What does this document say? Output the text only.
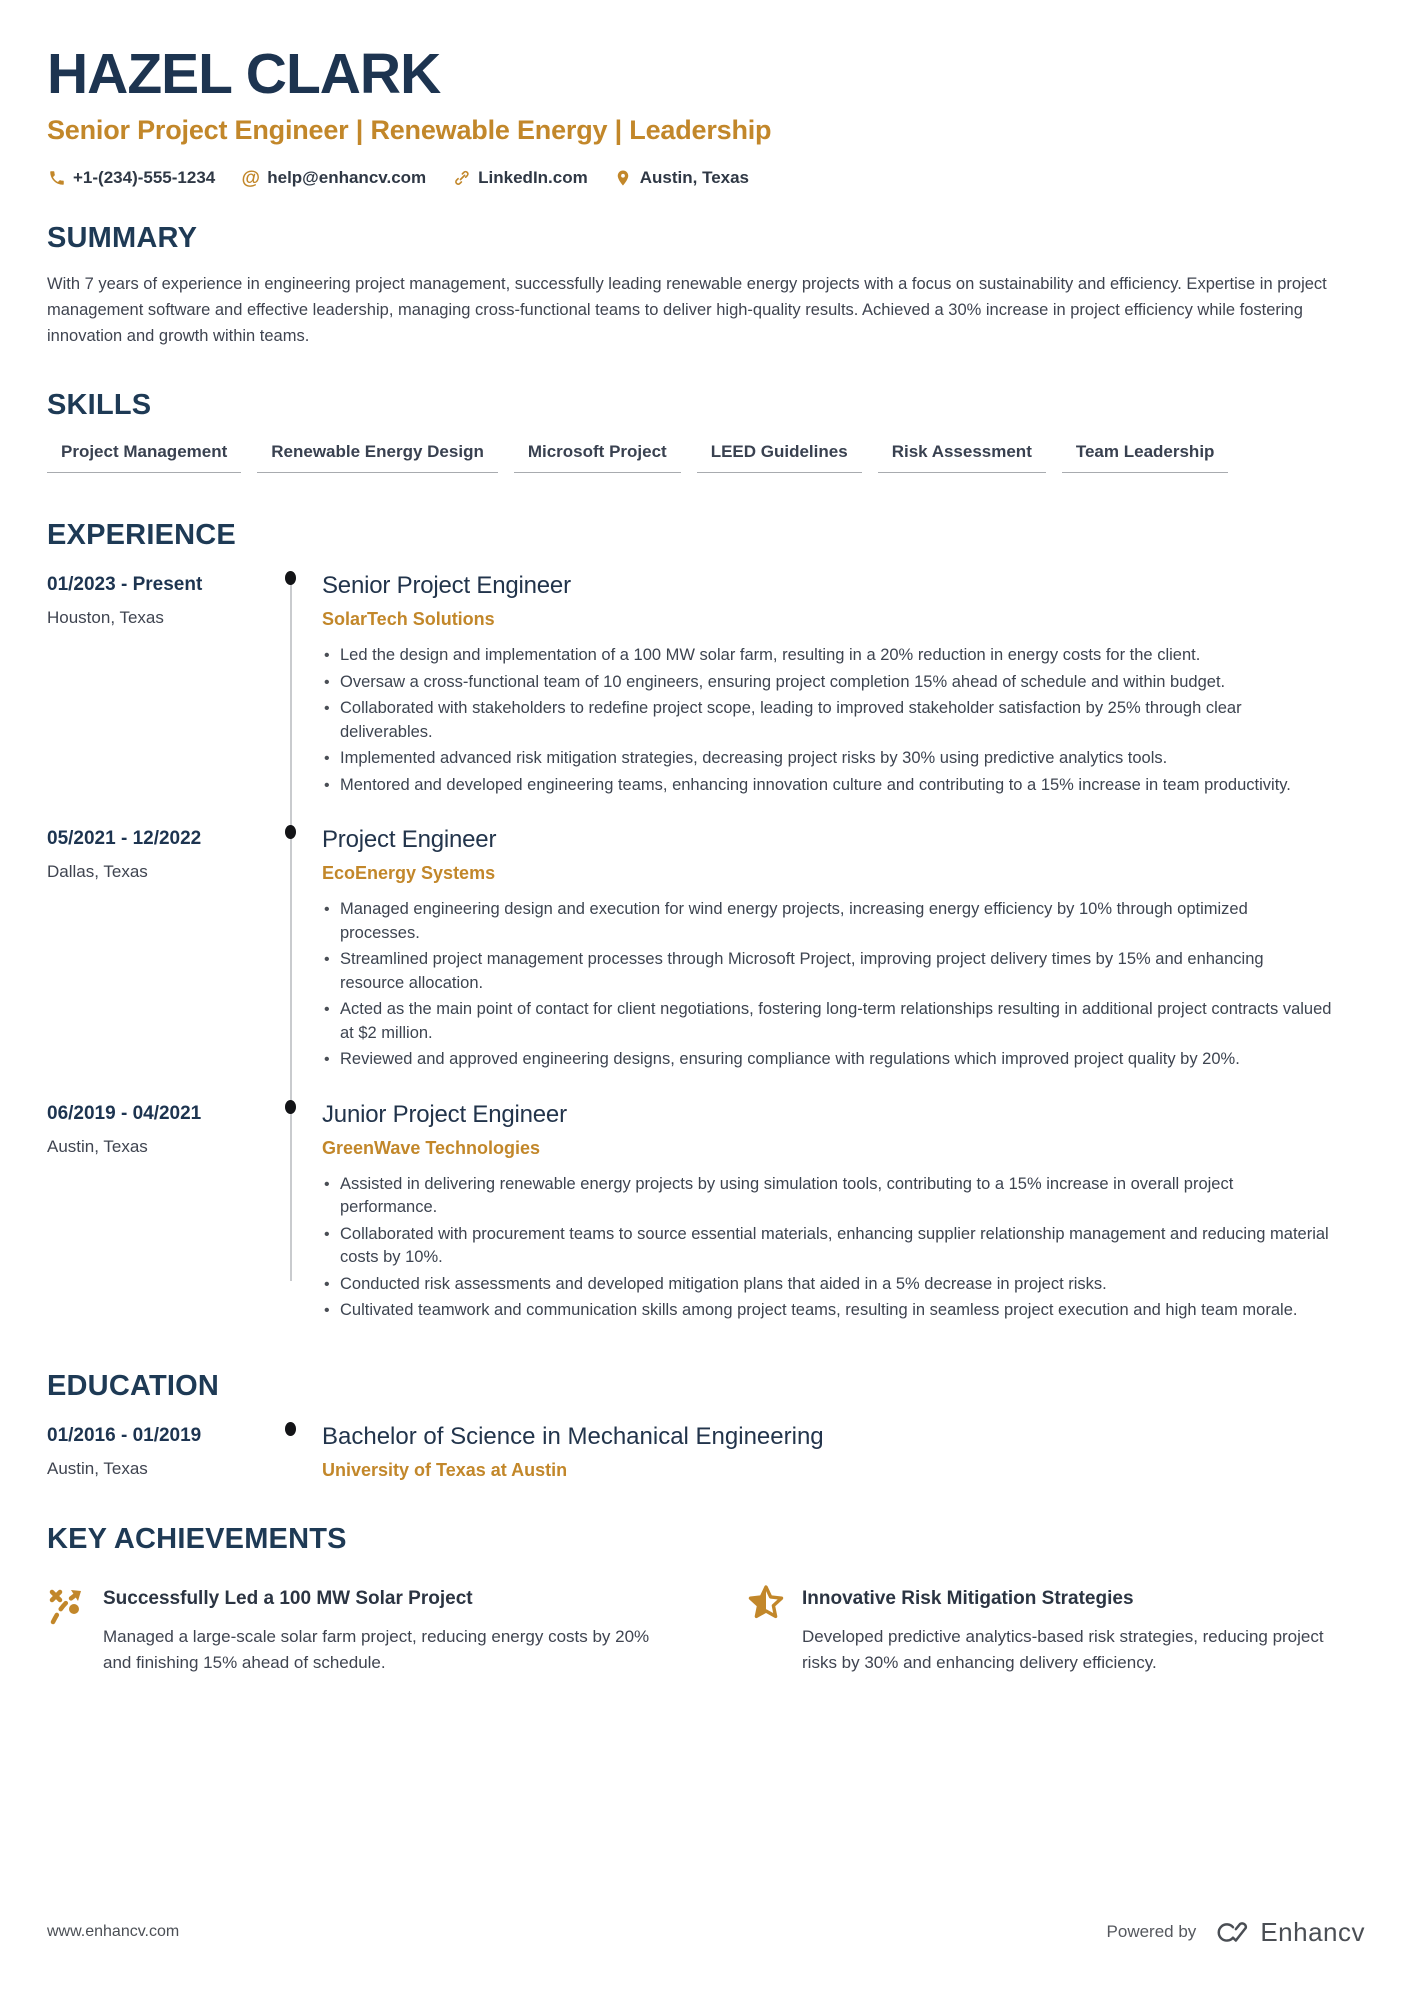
HAZEL CLARK
Senior Project Engineer | Renewable Energy | Leadership
+1-(234)-555-1234 @ help@enhancv.com	LinkedIn.com	Austin, Texas
SUMMARY
With 7 years of experience in engineering project management, successfully leading renewable energy projects with a focus on sustainability and efficiency. Expertise in project management software and effective leadership, managing cross-functional teams to deliver high-quality results. Achieved a 30% increase in project efficiency while fostering innovation and growth within teams.
SKILLS
Project Management	Renewable Energy Design	Microsoft Project	LEED Guidelines	Risk Assessment	Team Leadership
EXPERIENCE
01/2023 - Present
Houston, Texas
Senior Project Engineer
SolarTech Solutions
• Led the design and implementation of a 100 MW solar farm, resulting in a 20% reduction in energy costs for the client.
• Oversaw a cross-functional team of 10 engineers, ensuring project completion 15% ahead of schedule and within budget.
• Collaborated with stakeholders to redefine project scope, leading to improved stakeholder satisfaction by 25% through clear deliverables.
• Implemented advanced risk mitigation strategies, decreasing project risks by 30% using predictive analytics tools.
• Mentored and developed engineering teams, enhancing innovation culture and contributing to a 15% increase in team productivity.
05/2021 - 12/2022
Dallas, Texas
Project Engineer
EcoEnergy Systems
• Managed engineering design and execution for wind energy projects, increasing energy efficiency by 10% through optimized processes.
• Streamlined project management processes through Microsoft Project, improving project delivery times by 15% and enhancing resource allocation.
• Acted as the main point of contact for client negotiations, fostering long-term relationships resulting in additional project contracts valued at $2 million.
• Reviewed and approved engineering designs, ensuring compliance with regulations which improved project quality by 20%.
06/2019 - 04/2021
Austin, Texas
Junior Project Engineer
GreenWave Technologies
• Assisted in delivering renewable energy projects by using simulation tools, contributing to a 15% increase in overall project performance.
• Collaborated with procurement teams to source essential materials, enhancing supplier relationship management and reducing material costs by 10%.
• Conducted risk assessments and developed mitigation plans that aided in a 5% decrease in project risks.
• Cultivated teamwork and communication skills among project teams, resulting in seamless project execution and high team morale.
EDUCATION
01/2016 - 01/2019
Austin, Texas
Bachelor of Science in Mechanical Engineering
University of Texas at Austin
KEY ACHIEVEMENTS
Successfully Led a 100 MW Solar Project
Managed a large-scale solar farm project, reducing energy costs by 20% and finishing 15% ahead of schedule.
Innovative Risk Mitigation Strategies
Developed predictive analytics-based risk strategies, reducing project risks by 30% and enhancing delivery efficiency.
www.enhancv.com	Powered by Enhancv
